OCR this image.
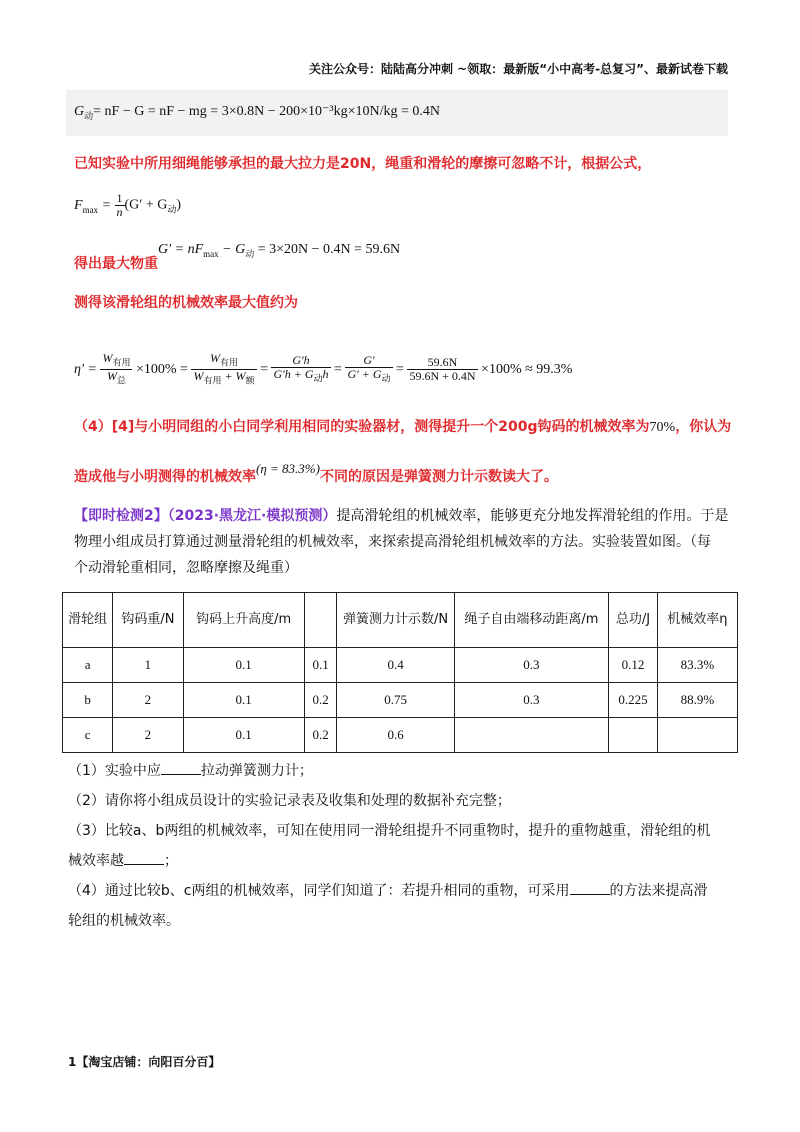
关注公众号：陆陆高分冲刺 ~领取：最新版“小中高考-总复习”、最新试卷下载
$G_动=$ nF − G = nF − mg = 3×0.8N − 200×10⁻³kg×10N/kg = 0.4N
已知实验中所用细绳能够承担的最大拉力是20N，绳重和滑轮的摩擦可忽略不计，根据公式，
$F_{max} = \frac{1}{n} (G' + G_动)$
$G' = nF_{max} - G_动 = 3\times 20N - 0.4N = 59.6N$
得出最大物重
测得该滑轮组的机械效率最大值约为
$\eta' = \frac{W_{有用}}{W_总} \times 100\% = \frac{W_{有用}}{W_{有用} + W_额} = \frac{G'h}{G'h + G_动h} = \frac{G'}{G' + G_动} = \frac{59.6N}{59.6N + 0.4N} \times 100\% \approx 99.3\%$
（4）[4]与小明同组的小白同学利用相同的实验器材，测得提升一个200g钩码的机械效率为70%，你认为
造成他与小明测得的机械效率(η = 83.3%)不同的原因是弹簧测力计示数读大了。
【即时检测2】（2023·黑龙江·模拟预测）提高滑轮组的机械效率，能够更充分地发挥滑轮组的作用。于是
物理小组成员打算通过测量滑轮组的机械效率，来探索提高滑轮组机械效率的方法。实验装置如图。（每
个动滑轮重相同，忽略摩擦及绳重）
滑轮组	钩码重/N	钩码上升高度/m		弹簧测力计示数/N	绳子自由端移动距离/m	总功/J	机械效率η
a	1	0.1	0.1	0.4	0.3	0.12	83.3%
b	2	0.1	0.2	0.75	0.3	0.225	88.9%
c	2	0.1	0.2	0.6			
（1）实验中应	拉动弹簧测力计；
（2）请你将小组成员设计的实验记录表及收集和处理的数据补充完整；
（3）比较a、b两组的机械效率，可知在使用同一滑轮组提升不同重物时，提升的重物越重，滑轮组的机
械效率越	；
（4）通过比较b、c两组的机械效率，同学们知道了：若提升相同的重物，可采用	的方法来提高滑
轮组的机械效率。
1【淘宝店铺：向阳百分百】
